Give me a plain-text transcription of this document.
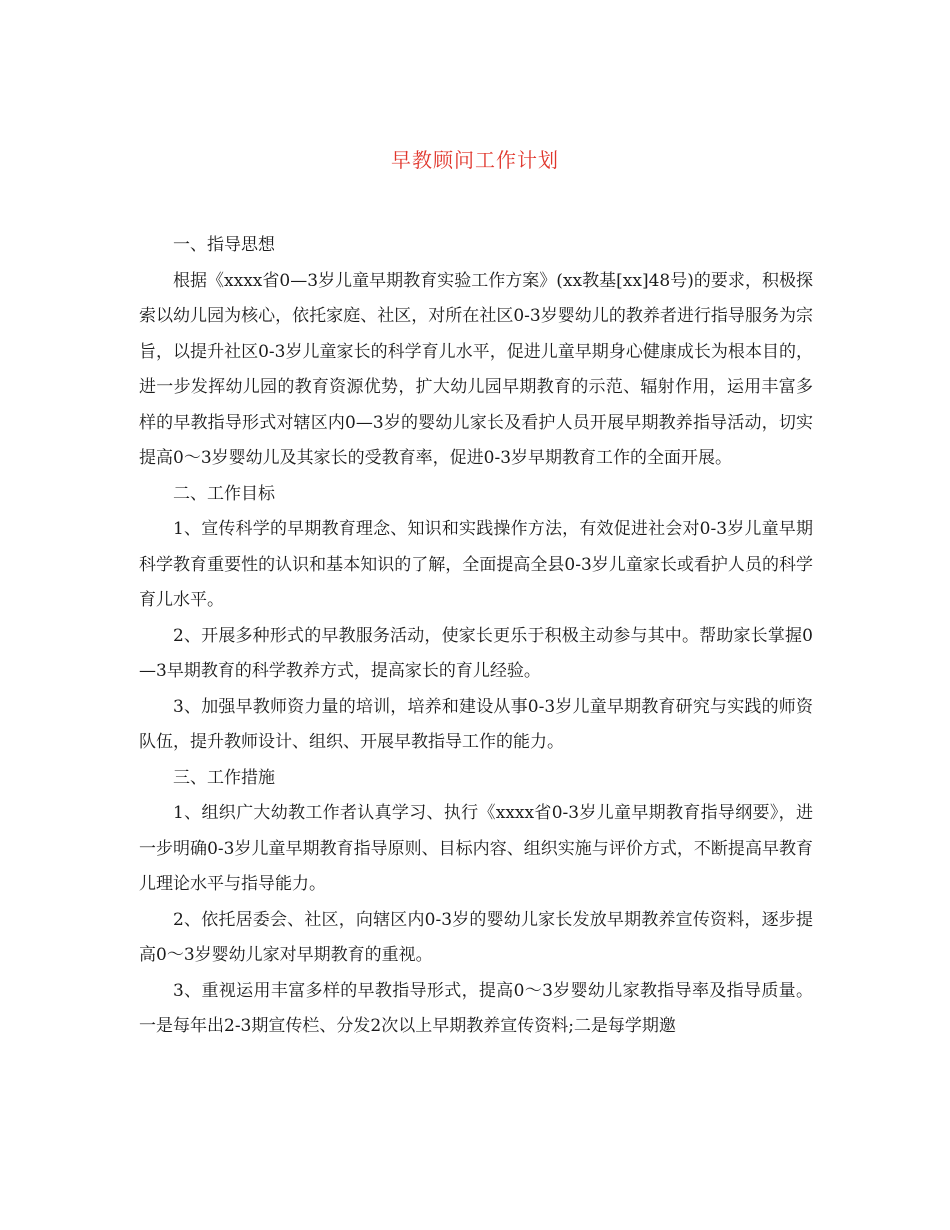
早教顾问工作计划

一、指导思想

根据《xxxx省0—3岁儿童早期教育实验工作方案》(xx教基[xx]48号)的要求，积极探索以幼儿园为核心，依托家庭、社区，对所在社区0-3岁婴幼儿的教养者进行指导服务为宗旨，以提升社区0-3岁儿童家长的科学育儿水平，促进儿童早期身心健康成长为根本目的，进一步发挥幼儿园的教育资源优势，扩大幼儿园早期教育的示范、辐射作用，运用丰富多样的早教指导形式对辖区内0—3岁的婴幼儿家长及看护人员开展早期教养指导活动，切实提高0～3岁婴幼儿及其家长的受教育率，促进0-3岁早期教育工作的全面开展。

二、工作目标

1、宣传科学的早期教育理念、知识和实践操作方法，有效促进社会对0-3岁儿童早期科学教育重要性的认识和基本知识的了解，全面提高全县0-3岁儿童家长或看护人员的科学育儿水平。

2、开展多种形式的早教服务活动，使家长更乐于积极主动参与其中。帮助家长掌握0—3早期教育的科学教养方式，提高家长的育儿经验。

3、加强早教师资力量的培训，培养和建设从事0-3岁儿童早期教育研究与实践的师资队伍，提升教师设计、组织、开展早教指导工作的能力。

三、工作措施

1、组织广大幼教工作者认真学习、执行《xxxx省0-3岁儿童早期教育指导纲要》，进一步明确0-3岁儿童早期教育指导原则、目标内容、组织实施与评价方式，不断提高早教育儿理论水平与指导能力。

2、依托居委会、社区，向辖区内0-3岁的婴幼儿家长发放早期教养宣传资料，逐步提高0～3岁婴幼儿家对早期教育的重视。

3、重视运用丰富多样的早教指导形式，提高0～3岁婴幼儿家教指导率及指导质量。一是每年出2-3期宣传栏、分发2次以上早期教养宣传资料;二是每学期邀
